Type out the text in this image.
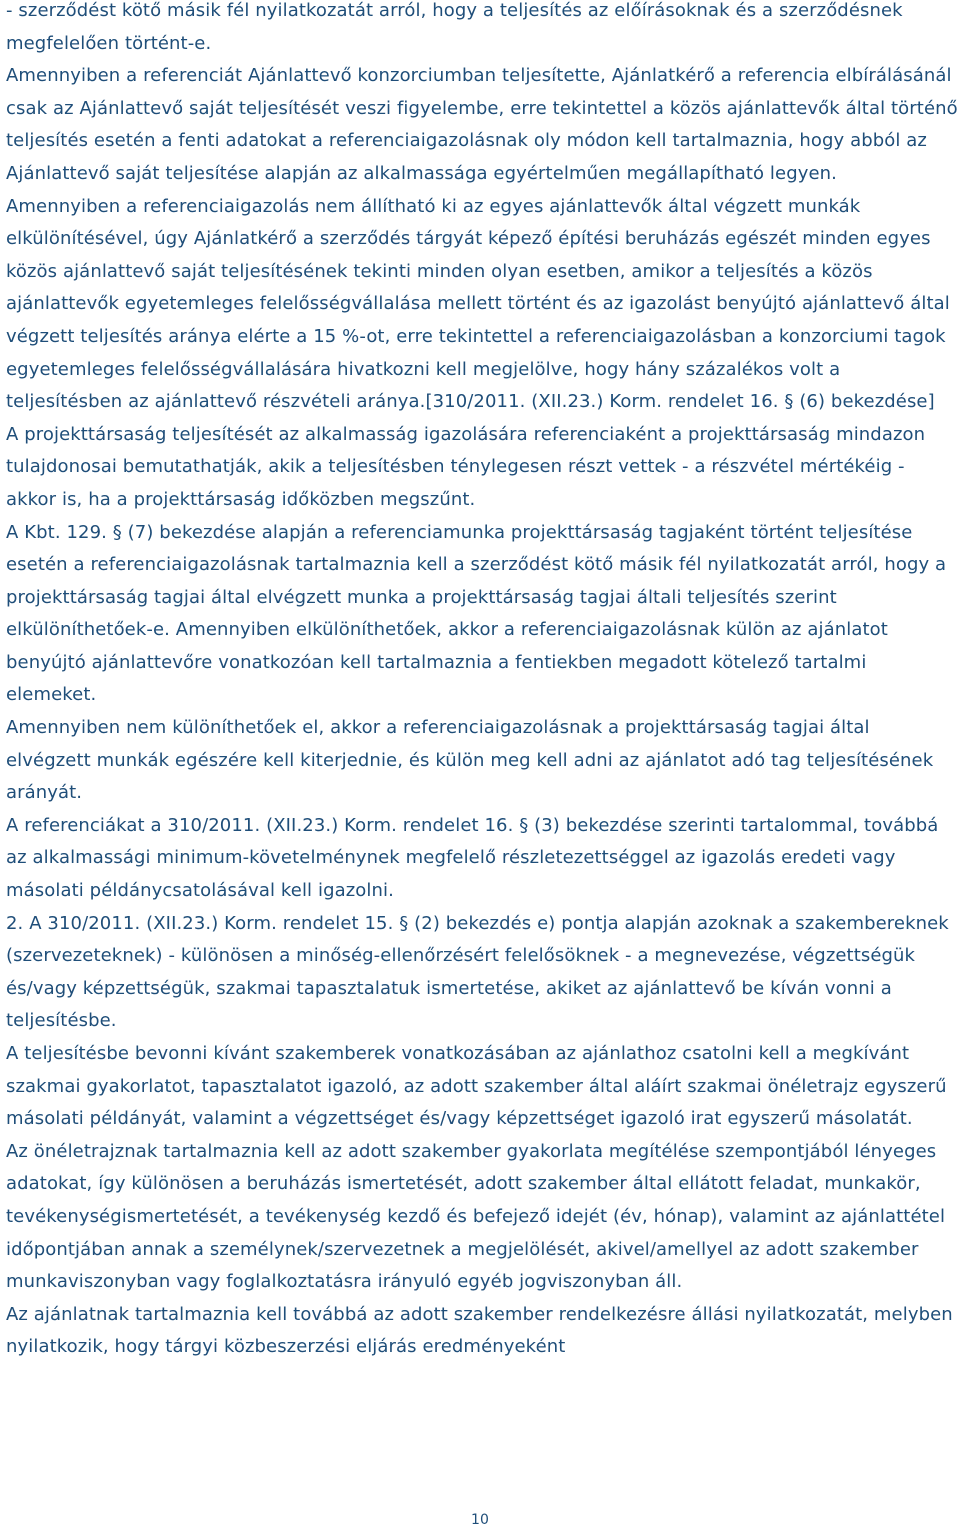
- szerződést kötő másik fél nyilatkozatát arról, hogy a teljesítés az előírásoknak és a szerződésnek megfelelően történt-e.

Amennyiben a referenciát Ajánlattevő konzorciumban teljesítette, Ajánlatkérő a referencia elbírálásánál csak az Ajánlattevő saját teljesítését veszi figyelembe, erre tekintettel a közös ajánlattevők által történő teljesítés esetén a fenti adatokat a referenciaigazolásnak oly módon kell tartalmaznia, hogy abból az Ajánlattevő saját teljesítése alapján az alkalmassága egyértelműen megállapítható legyen.

Amennyiben a referenciaigazolás nem állítható ki az egyes ajánlattevők által végzett munkák elkülönítésével, úgy Ajánlatkérő a szerződés tárgyát képező építési beruházás egészét minden egyes közös ajánlattevő saját teljesítésének tekinti minden olyan esetben, amikor a teljesítés a közös ajánlattevők egyetemleges felelősségvállalása mellett történt és az igazolást benyújtó ajánlattevő által végzett teljesítés aránya elérte a 15 %-ot, erre tekintettel a referenciaigazolásban a konzorciumi tagok egyetemleges felelősségvállalására hivatkozni kell megjelölve, hogy hány százalékos volt a teljesítésben az ajánlattevő részvételi aránya.[310/2011. (XII.23.) Korm. rendelet 16. § (6) bekezdése]

A projekttársaság teljesítését az alkalmasság igazolására referenciaként a projekttársaság mindazon tulajdonosai bemutathatják, akik a teljesítésben ténylegesen részt vettek - a részvétel mértékéig - akkor is, ha a projekttársaság időközben megszűnt.

A Kbt. 129. § (7) bekezdése alapján a referenciamunka projekttársaság tagjaként történt teljesítése esetén a referenciaigazolásnak tartalmaznia kell a szerződést kötő másik fél nyilatkozatát arról, hogy a projekttársaság tagjai által elvégzett munka a projekttársaság tagjai általi teljesítés szerint elkülöníthetőek-e. Amennyiben elkülöníthetőek, akkor a referenciaigazolásnak külön az ajánlatot benyújtó ajánlattevőre vonatkozóan kell tartalmaznia a fentiekben megadott kötelező tartalmi elemeket.

Amennyiben nem különíthetőek el, akkor a referenciaigazolásnak a projekttársaság tagjai által elvégzett munkák egészére kell kiterjednie, és külön meg kell adni az ajánlatot adó tag teljesítésének arányát.

A referenciákat a 310/2011. (XII.23.) Korm. rendelet 16. § (3) bekezdése szerinti tartalommal, továbbá az alkalmassági minimum-követelménynek megfelelő részletezettséggel az igazolás eredeti vagy másolati példánycsatolásával kell igazolni.

2. A 310/2011. (XII.23.) Korm. rendelet 15. § (2) bekezdés e) pontja alapján azoknak a szakembereknek (szervezeteknek) - különösen a minőség-ellenőrzésért felelősöknek - a megnevezése, végzettségük és/vagy képzettségük, szakmai tapasztalatuk ismertetése, akiket az ajánlattevő be kíván vonni a teljesítésbe.

A teljesítésbe bevonni kívánt szakemberek vonatkozásában az ajánlathoz csatolni kell a megkívánt szakmai gyakorlatot, tapasztalatot igazoló, az adott szakember által aláírt szakmai önéletrajz egyszerű másolati példányát, valamint a végzettséget és/vagy képzettséget igazoló irat egyszerű másolatát.

Az önéletrajznak tartalmaznia kell az adott szakember gyakorlata megítélése szempontjából lényeges adatokat, így különösen a beruházás ismertetését, adott szakember által ellátott feladat, munkakör, tevékenységismertetését, a tevékenység kezdő és befejező idejét (év, hónap), valamint az ajánlattétel időpontjában annak a személynek/szervezetnek a megjelölését, akivel/amellyel az adott szakember munkaviszonyban vagy foglalkoztatásra irányuló egyéb jogviszonyban áll.

Az ajánlatnak tartalmaznia kell továbbá az adott szakember rendelkezésre állási nyilatkozatát, melyben nyilatkozik, hogy tárgyi közbeszerzési eljárás eredményeként

10
